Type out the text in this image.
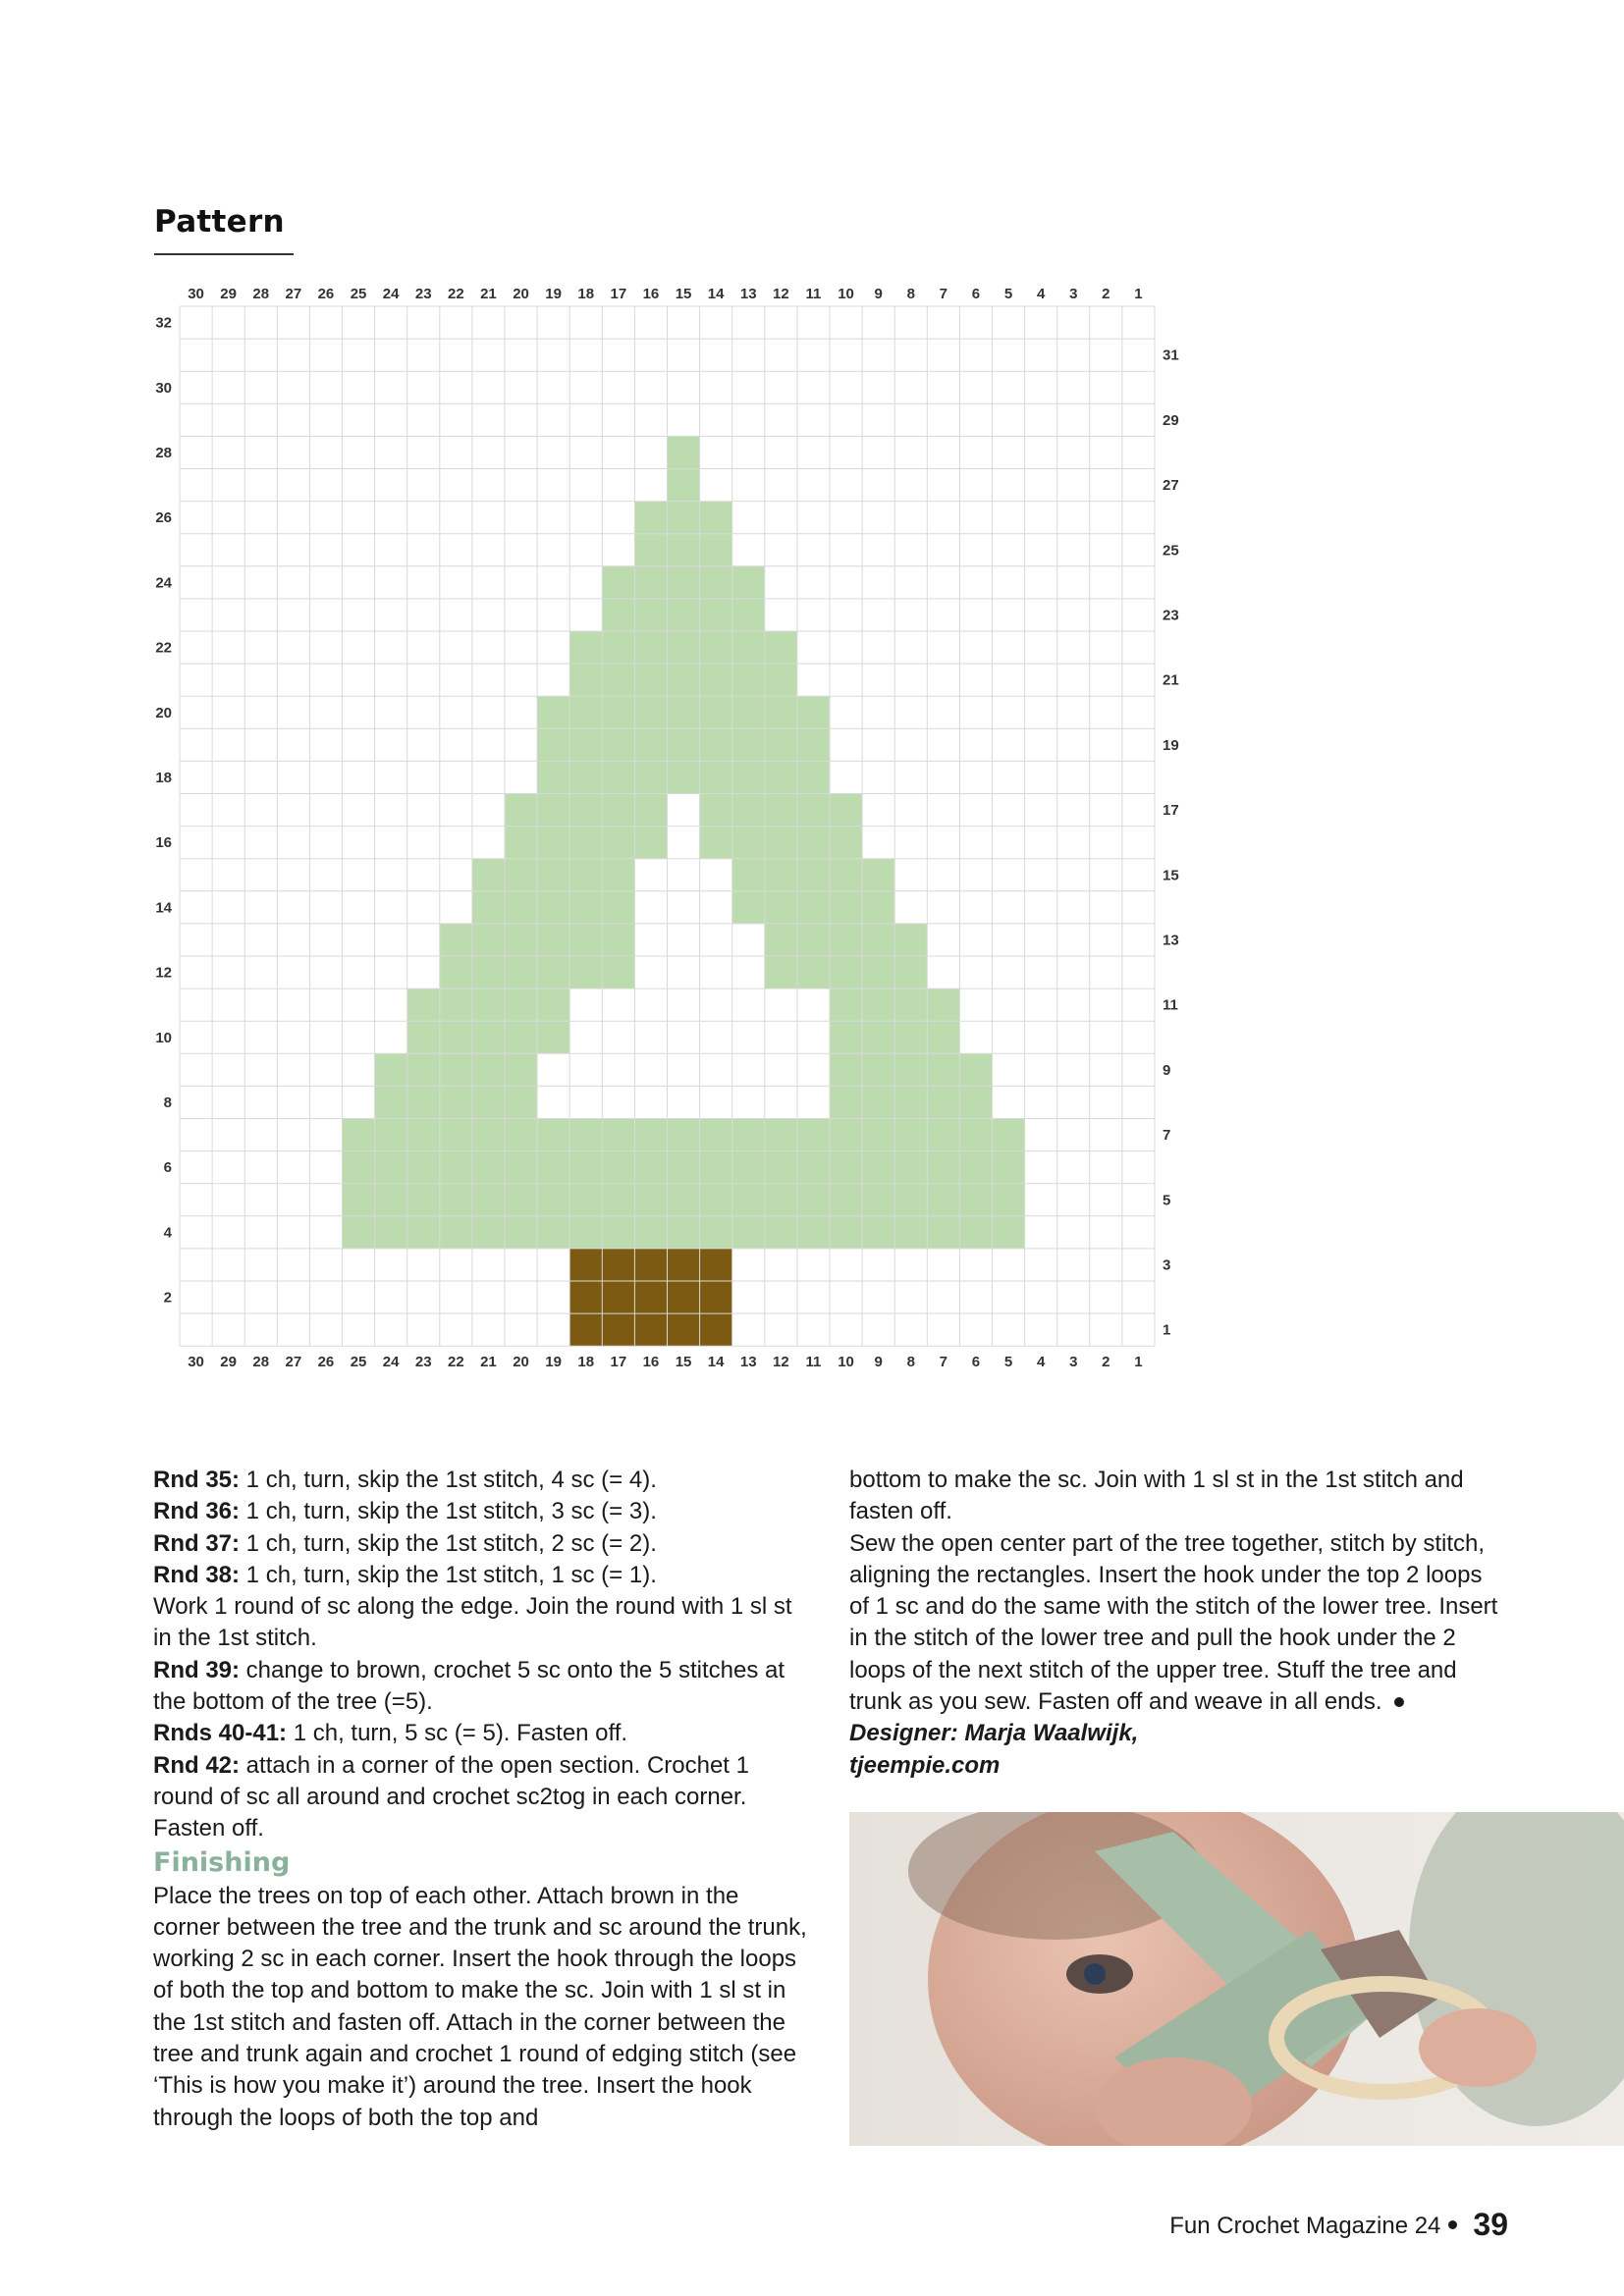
Pattern
30
30
29
29
28
28
27
27
26
26
25
25
24
24
23
23
22
22
21
21
20
20
19
19
18
18
17
17
16
16
15
15
14
14
13
13
12
12
11
11
10
10
9
9
8
8
7
7
6
6
5
5
4
4
3
3
2
2
1
1
32
30
28
26
24
22
20
18
16
14
12
10
8
6
4
2
31
29
27
25
23
21
19
17
15
13
11
9
7
5
3
1

Rnd 35: 1 ch, turn, skip the 1st stitch, 4 sc (= 4).

Rnd 36: 1 ch, turn, skip the 1st stitch, 3 sc (= 3).

Rnd 37: 1 ch, turn, skip the 1st stitch, 2 sc (= 2).

Rnd 38: 1 ch, turn, skip the 1st stitch, 1 sc (= 1).

Work 1 round of sc along the edge. Join the round with 1 sl st in the 1st stitch.

Rnd 39: change to brown, crochet 5 sc onto the 5 stitches at the bottom of the tree (=5).

Rnds 40-41: 1 ch, turn, 5 sc (= 5). Fasten off.

Rnd 42: attach in a corner of the open section. Crochet 1 round of sc all around and crochet sc2tog in each corner. Fasten off.

Finishing

Place the trees on top of each other. Attach brown in the corner between the tree and the trunk and sc around the trunk, working 2 sc in each corner. Insert the hook through the loops of both the top and bottom to make the sc. Join with 1 sl st in the 1st stitch and fasten off. Attach in the corner between the tree and trunk again and crochet 1 round of edging stitch (see ‘This is how you make it’) around the tree. Insert the hook through the loops of both the top and

bottom to make the sc. Join with 1 sl st in the 1st stitch and fasten off.

Sew the open center part of the tree together, stitch by stitch, aligning the rectangles. Insert the hook under the top 2 loops of 1 sc and do the same with the stitch of the lower tree. Insert in the stitch of the lower tree and pull the hook under the 2 loops of the next stitch of the upper tree. Stuff the tree and trunk as you sew. Fasten off and weave in all ends.

Designer: Marja Waalwijk,

tjeempie.com

Fun Crochet Magazine 24 39
